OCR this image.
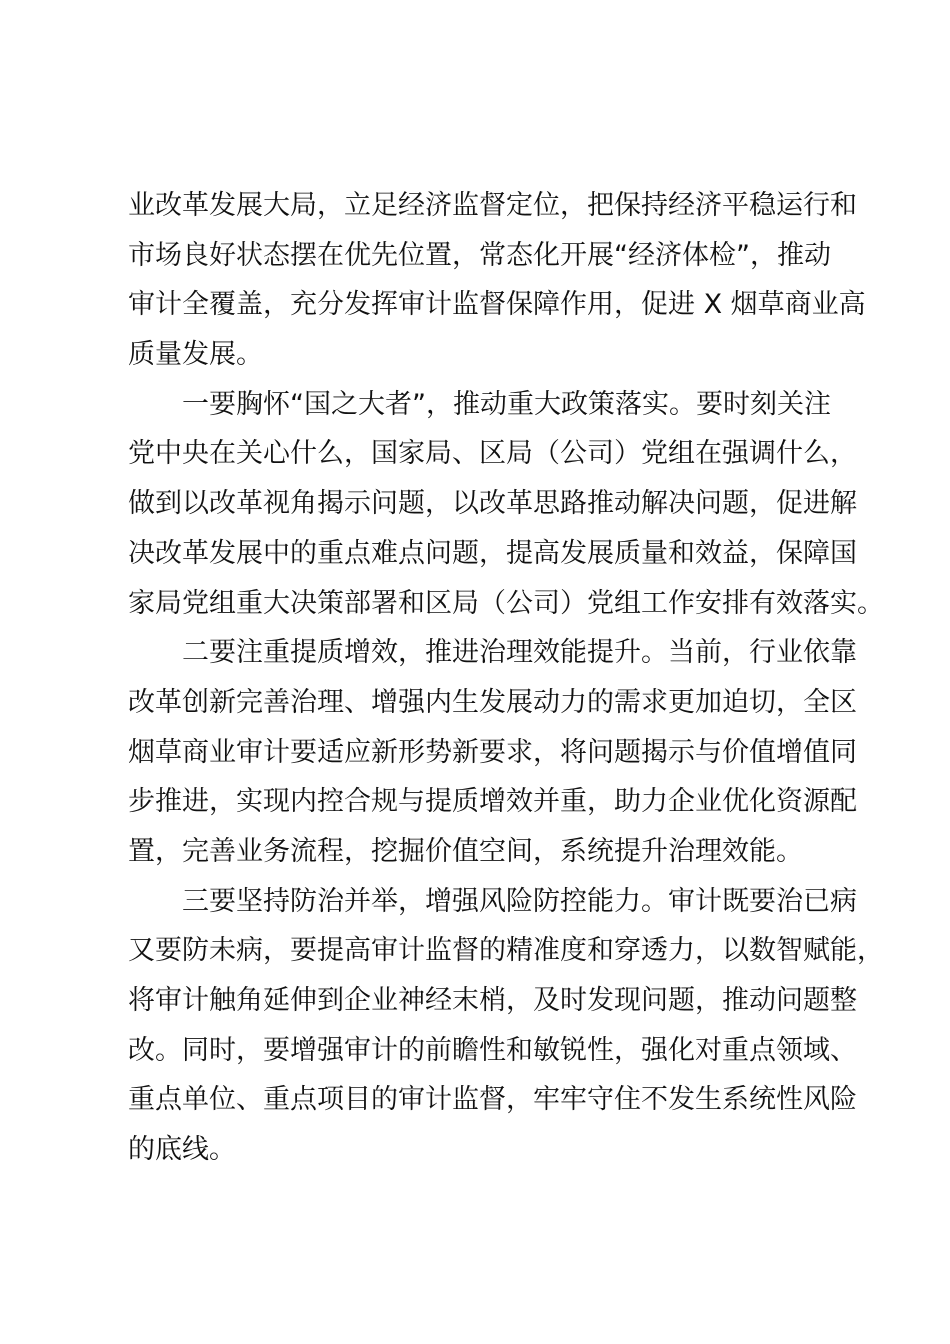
业改革发展大局，立足经济监督定位，把保持经济平稳运行和
市场良好状态摆在优先位置，常态化开展“经济体检”，推动
审计全覆盖，充分发挥审计监督保障作用，促进 X 烟草商业高
质量发展。
一要胸怀“国之大者”，推动重大政策落实。要时刻关注
党中央在关心什么，国家局、区局（公司）党组在强调什么，
做到以改革视角揭示问题，以改革思路推动解决问题，促进解
决改革发展中的重点难点问题，提高发展质量和效益，保障国
家局党组重大决策部署和区局（公司）党组工作安排有效落实。
二要注重提质增效，推进治理效能提升。当前，行业依靠
改革创新完善治理、增强内生发展动力的需求更加迫切，全区
烟草商业审计要适应新形势新要求，将问题揭示与价值增值同
步推进，实现内控合规与提质增效并重，助力企业优化资源配
置，完善业务流程，挖掘价值空间，系统提升治理效能。
三要坚持防治并举，增强风险防控能力。审计既要治已病
又要防未病，要提高审计监督的精准度和穿透力，以数智赋能，
将审计触角延伸到企业神经末梢，及时发现问题，推动问题整
改。同时，要增强审计的前瞻性和敏锐性，强化对重点领域、
重点单位、重点项目的审计监督，牢牢守住不发生系统性风险
的底线。
